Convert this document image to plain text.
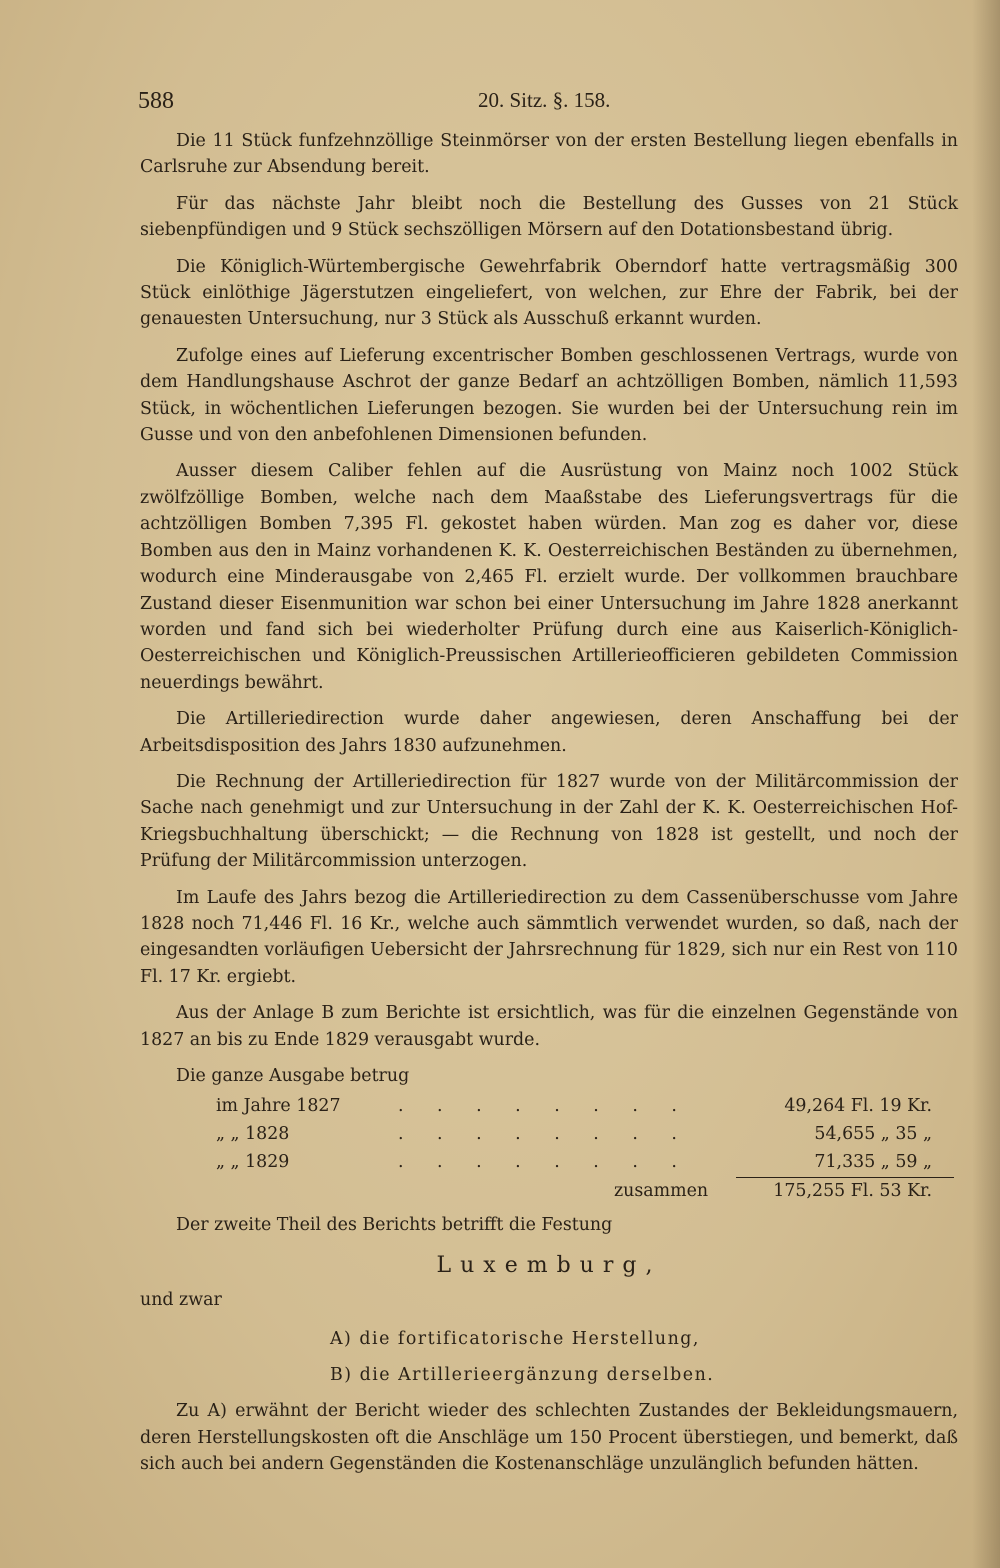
588	20. Sitz. §. 158.

Die 11 Stück funfzehnzöllige Steinmörser von der ersten Bestellung liegen ebenfalls in Carlsruhe zur Absendung bereit.

Für das nächste Jahr bleibt noch die Bestellung des Gusses von 21 Stück siebenpfündigen und 9 Stück sechszölligen Mörsern auf den Dotationsbestand übrig.

Die Königlich-Würtembergische Gewehrfabrik Oberndorf hatte vertragsmäßig 300 Stück einlöthige Jägerstutzen eingeliefert, von welchen, zur Ehre der Fabrik, bei der genauesten Untersuchung, nur 3 Stück als Ausschuß erkannt wurden.

Zufolge eines auf Lieferung excentrischer Bomben geschlossenen Vertrags, wurde von dem Handlungshause Aschrot der ganze Bedarf an achtzölligen Bomben, nämlich 11,593 Stück, in wöchentlichen Lieferungen bezogen. Sie wurden bei der Untersuchung rein im Gusse und von den anbefohlenen Dimensionen befunden.

Ausser diesem Caliber fehlen auf die Ausrüstung von Mainz noch 1002 Stück zwölfzöllige Bomben, welche nach dem Maaßstabe des Lieferungsvertrags für die achtzölligen Bomben 7,395 Fl. gekostet haben würden. Man zog es daher vor, diese Bomben aus den in Mainz vorhandenen K. K. Oesterreichischen Beständen zu übernehmen, wodurch eine Minderausgabe von 2,465 Fl. erzielt wurde. Der vollkommen brauchbare Zustand dieser Eisenmunition war schon bei einer Untersuchung im Jahre 1828 anerkannt worden und fand sich bei wiederholter Prüfung durch eine aus Kaiserlich-Königlich-Oesterreichischen und Königlich-Preussischen Artillerieofficieren gebildeten Commission neuerdings bewährt.

Die Artilleriedirection wurde daher angewiesen, deren Anschaffung bei der Arbeitsdisposition des Jahrs 1830 aufzunehmen.

Die Rechnung der Artilleriedirection für 1827 wurde von der Militärcommission der Sache nach genehmigt und zur Untersuchung in der Zahl der K. K. Oesterreichischen Hof-Kriegsbuchhaltung überschickt; — die Rechnung von 1828 ist gestellt, und noch der Prüfung der Militärcommission unterzogen.

Im Laufe des Jahrs bezog die Artilleriedirection zu dem Cassenüberschusse vom Jahre 1828 noch 71,446 Fl. 16 Kr., welche auch sämmtlich verwendet wurden, so daß, nach der eingesandten vorläufigen Uebersicht der Jahrsrechnung für 1829, sich nur ein Rest von 110 Fl. 17 Kr. ergiebt.

Aus der Anlage B zum Berichte ist ersichtlich, was für die einzelnen Gegenstände von 1827 an bis zu Ende 1829 verausgabt wurde.

Die ganze Ausgabe betrug

im Jahre 1827	. . . . . . . .	49,264 Fl. 19 Kr.
„ „ 1828	. . . . . . . .	54,655 „ 35 „
„ „ 1829	. . . . . . . .	71,335 „ 59 „
zusammen	175,255 Fl. 53 Kr.

Der zweite Theil des Berichts betrifft die Festung

Luxemburg,

und zwar

A) die fortificatorische Herstellung,

B) die Artillerieergänzung derselben.

Zu A) erwähnt der Bericht wieder des schlechten Zustandes der Bekleidungsmauern, deren Herstellungskosten oft die Anschläge um 150 Procent überstiegen, und bemerkt, daß sich auch bei andern Gegenständen die Kostenanschläge unzulänglich befunden hätten.
